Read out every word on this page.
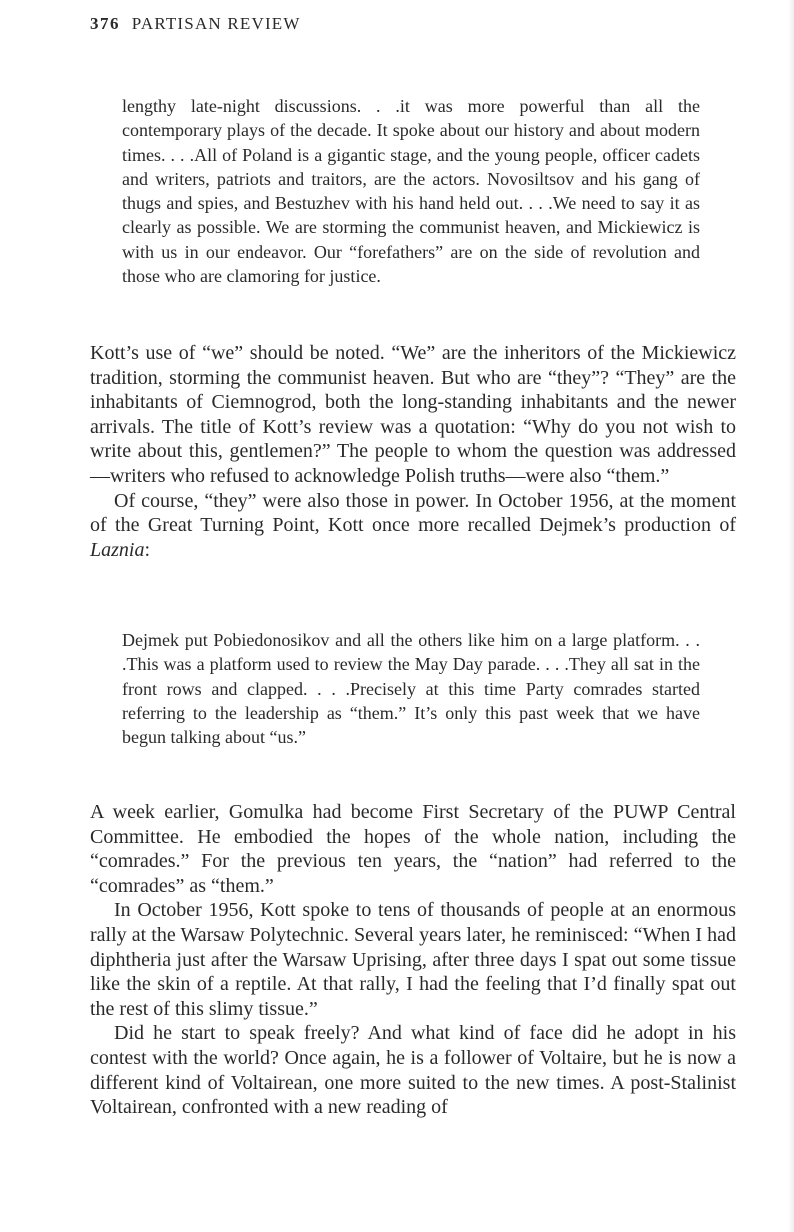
376 PARTISAN REVIEW
lengthy late-night discussions. . .it was more powerful than all the contemporary plays of the decade. It spoke about our history and about modern times. . . .All of Poland is a gigantic stage, and the young people, officer cadets and writers, patriots and traitors, are the actors. Novosiltsov and his gang of thugs and spies, and Bestuzhev with his hand held out. . . .We need to say it as clearly as possible. We are storming the communist heaven, and Mickiewicz is with us in our endeavor. Our “forefathers” are on the side of revolution and those who are clamoring for justice.

Kott’s use of “we” should be noted. “We” are the inheritors of the Mickiewicz tradition, storming the communist heaven. But who are “they”? “They” are the inhabitants of Ciemnogrod, both the long-standing inhabitants and the newer arrivals. The title of Kott’s review was a quotation: “Why do you not wish to write about this, gentlemen?” The people to whom the question was addressed—writers who refused to acknowledge Polish truths—were also “them.”

Of course, “they” were also those in power. In October 1956, at the moment of the Great Turning Point, Kott once more recalled Dejmek’s production of Laznia:

Dejmek put Pobiedonosikov and all the others like him on a large platform. . . .This was a platform used to review the May Day parade. . . .They all sat in the front rows and clapped. . . .Precisely at this time Party comrades started referring to the leadership as “them.” It’s only this past week that we have begun talking about “us.”

A week earlier, Gomulka had become First Secretary of the PUWP Central Committee. He embodied the hopes of the whole nation, including the “comrades.” For the previous ten years, the “nation” had referred to the “comrades” as “them.”

In October 1956, Kott spoke to tens of thousands of people at an enormous rally at the Warsaw Polytechnic. Several years later, he reminisced: “When I had diphtheria just after the Warsaw Uprising, after three days I spat out some tissue like the skin of a reptile. At that rally, I had the feeling that I’d finally spat out the rest of this slimy tissue.”

Did he start to speak freely? And what kind of face did he adopt in his contest with the world? Once again, he is a follower of Voltaire, but he is now a different kind of Voltairean, one more suited to the new times. A post-Stalinist Voltairean, confronted with a new reading of
